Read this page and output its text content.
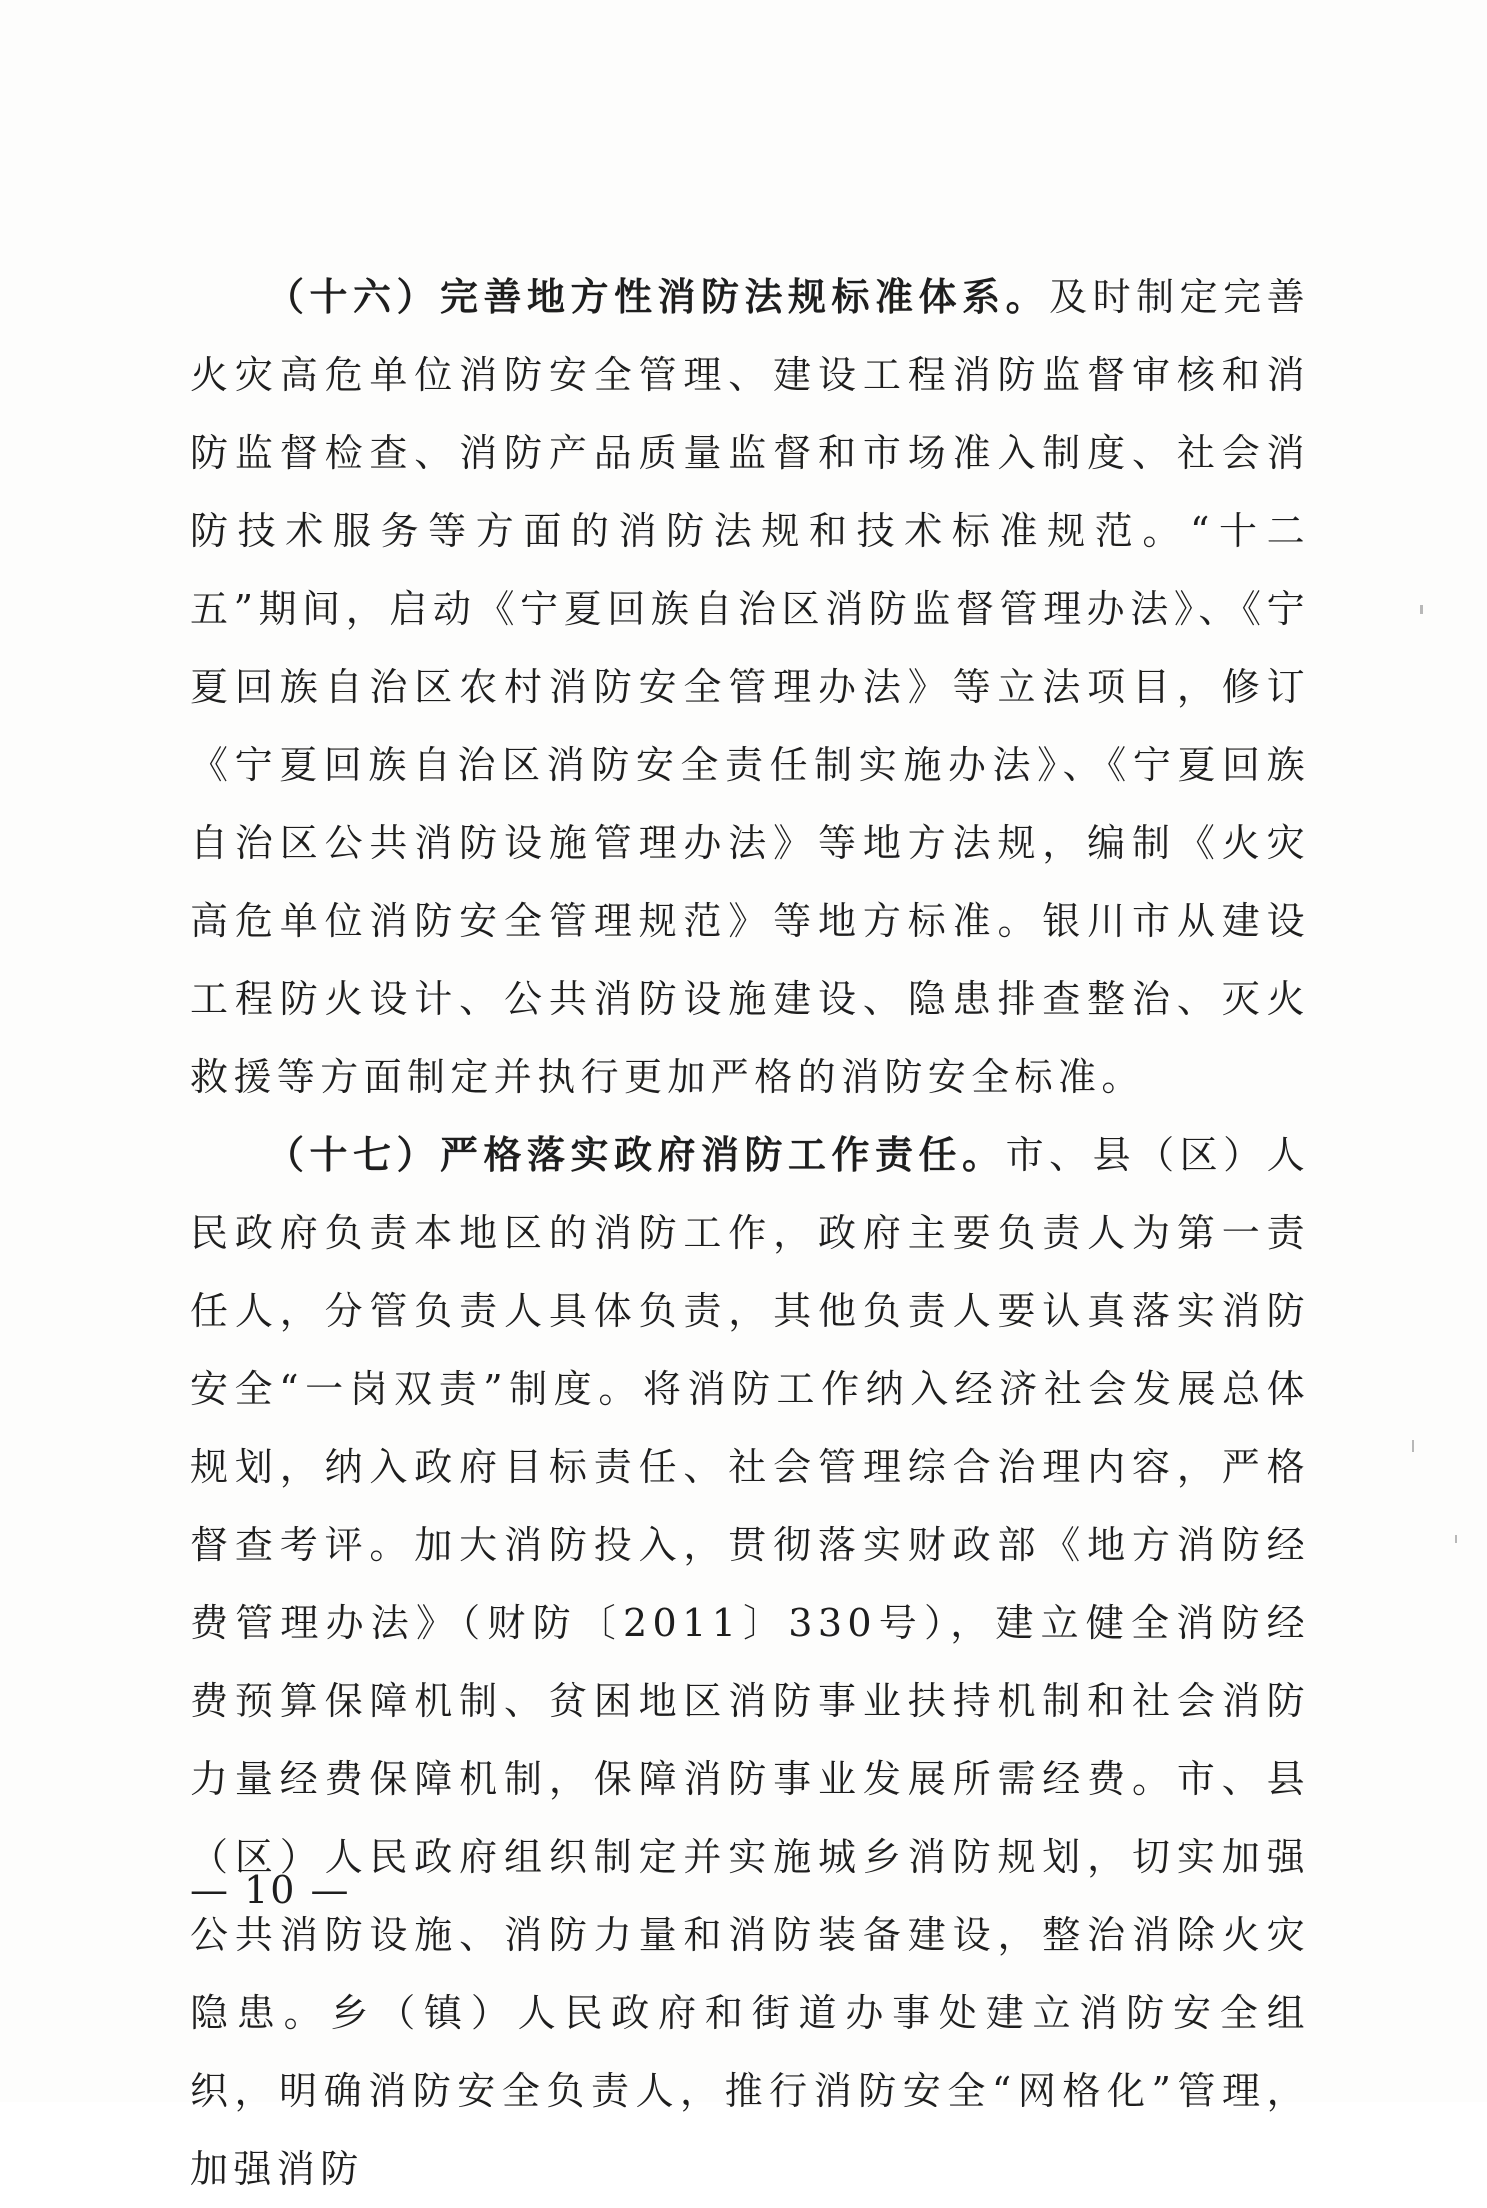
（十六）完善地方性消防法规标准体系。及时制定完善火灾高危单位消防安全管理、建设工程消防监督审核和消防监督检查、消防产品质量监督和市场准入制度、社会消防技术服务等方面的消防法规和技术标准规范。“十二五”期间，启动《宁夏回族自治区消防监督管理办法》、《宁夏回族自治区农村消防安全管理办法》等立法项目，修订《宁夏回族自治区消防安全责任制实施办法》、《宁夏回族自治区公共消防设施管理办法》等地方法规，编制《火灾高危单位消防安全管理规范》等地方标准。银川市从建设工程防火设计、公共消防设施建设、隐患排查整治、灭火救援等方面制定并执行更加严格的消防安全标准。

（十七）严格落实政府消防工作责任。市、县（区）人民政府负责本地区的消防工作，政府主要负责人为第一责任人，分管负责人具体负责，其他负责人要认真落实消防安全“一岗双责”制度。将消防工作纳入经济社会发展总体规划，纳入政府目标责任、社会管理综合治理内容，严格督查考评。加大消防投入，贯彻落实财政部《地方消防经费管理办法》（财防〔2011〕330号），建立健全消防经费预算保障机制、贫困地区消防事业扶持机制和社会消防力量经费保障机制，保障消防事业发展所需经费。市、县（区）人民政府组织制定并实施城乡消防规划，切实加强公共消防设施、消防力量和消防装备建设，整治消除火灾隐患。乡（镇）人民政府和街道办事处建立消防安全组织，明确消防安全负责人，推行消防安全“网格化”管理，加强消防

— 10 —
